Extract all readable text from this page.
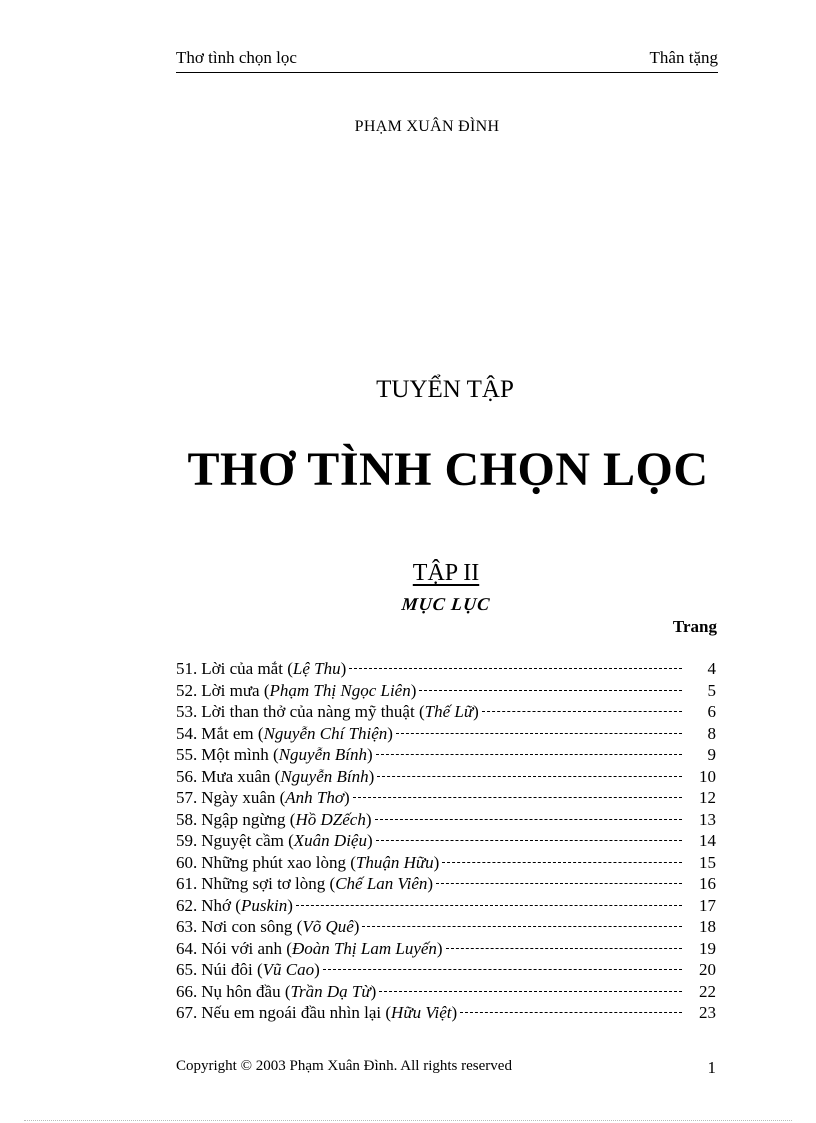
Thơ tình chọn lọc	Thân tặng
PHẠM XUÂN ĐÌNH
TUYỂN TẬP
THƠ TÌNH CHỌN LỌC
TẬP II
MỤC LỤC
Trang
51. Lời của mắt ( Lệ Thu )	4
52. Lời mưa ( Phạm Thị Ngọc Liên )	5
53. Lời than thở của nàng mỹ thuật ( Thế Lữ )	6
54. Mắt em ( Nguyễn Chí Thiện )	8
55. Một mình ( Nguyễn Bính )	9
56. Mưa xuân ( Nguyễn Bính )	10
57. Ngày xuân ( Anh Thơ )	12
58. Ngập ngừng ( Hồ DZếch )	13
59. Nguyệt cầm ( Xuân Diệu )	14
60. Những phút xao lòng ( Thuận Hữu )	15
61. Những sợi tơ lòng ( Chế Lan Viên )	16
62. Nhớ ( Puskin )	17
63. Nơi con sông ( Võ Quê )	18
64. Nói với anh ( Đoàn Thị Lam Luyến )	19
65. Núi đôi ( Vũ Cao )	20
66. Nụ hôn đầu ( Trần Dạ Từ )	22
67. Nếu em ngoái đầu nhìn lại ( Hữu Việt )	23
Copyright © 2003 Phạm Xuân Đình. All rights reserved	1
